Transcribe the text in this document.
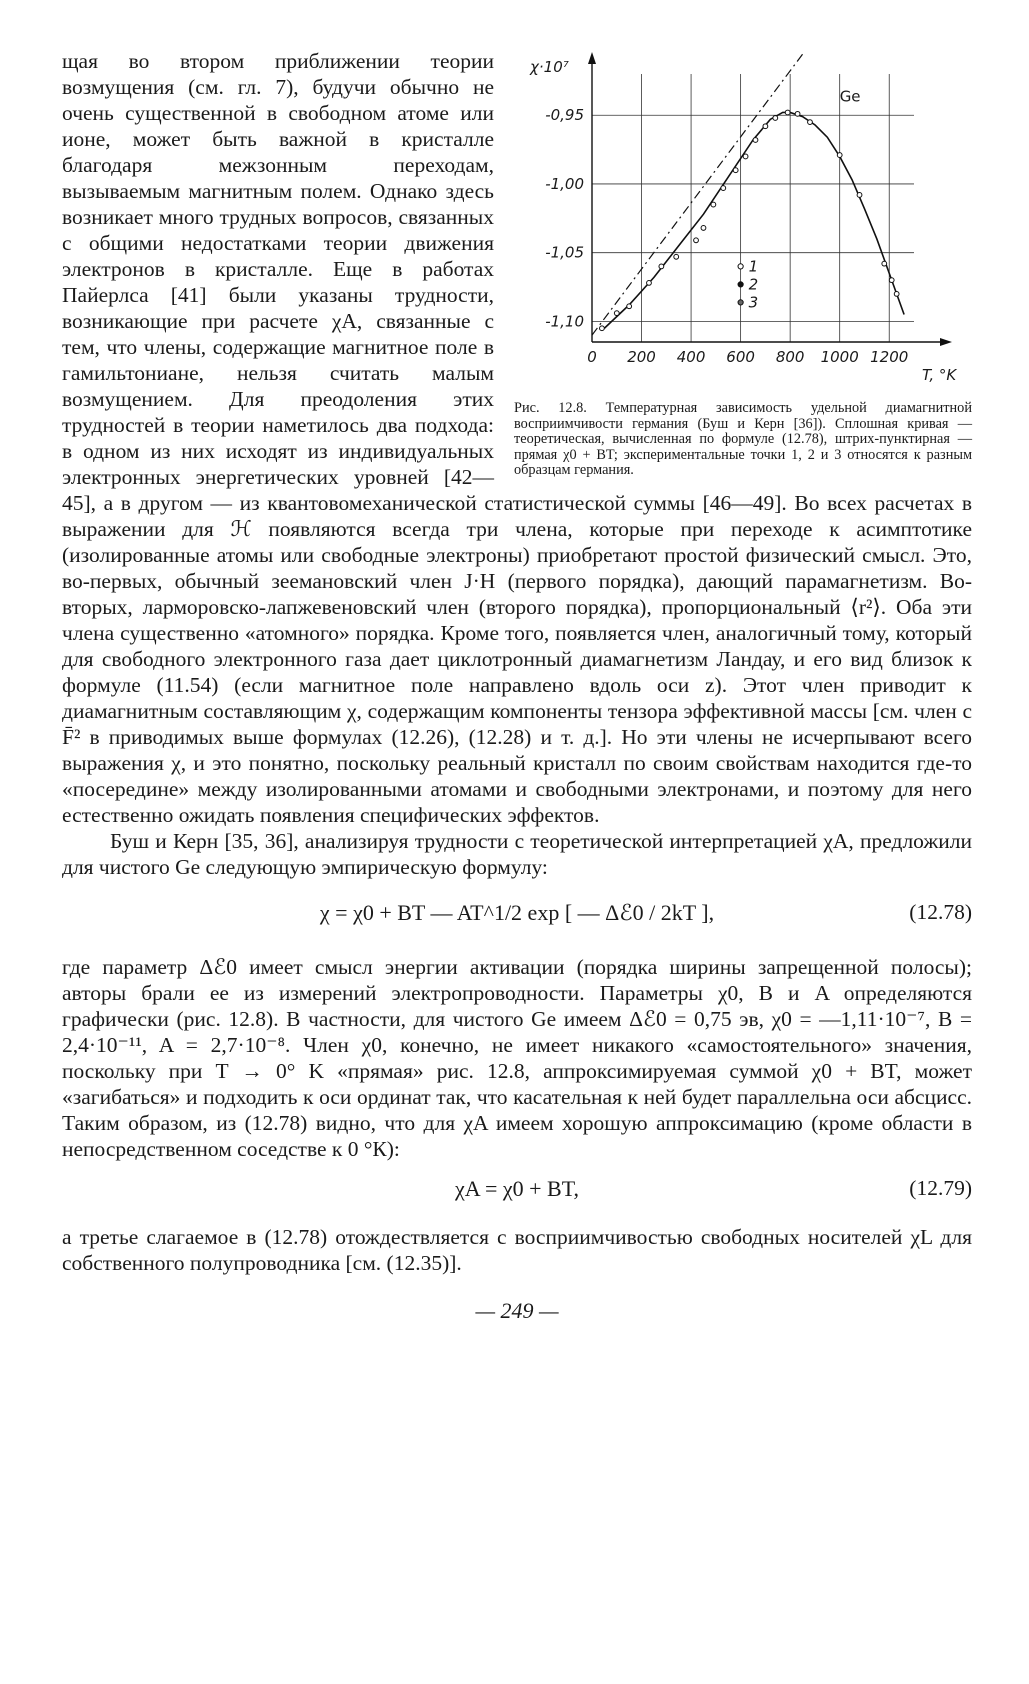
0 200 400 600 800 1000 1200
-0,95
-1,00
-1,05
-1,10
χ·10⁷
T, °K
Ge
1
2
3
Рис. 12.8. Температурная зависимость удельной диамагнитной восприимчивости германия (Буш и Керн [36]). Сплошная кривая — теоретическая, вычисленная по формуле (12.78), штрих-пунктирная — прямая χ0 + BT; экспериментальные точки 1, 2 и 3 относятся к разным образцам германия.

щая во втором приближении теории возмущения (см. гл. 7), будучи обычно не очень существенной в свободном атоме или ионе, может быть важной в кристалле благодаря межзонным переходам, вызываемым магнитным полем. Однако здесь возникает много трудных вопросов, связанных с общими недостатками теории движения электронов в кристалле. Еще в работах Пайерлса [41] были указаны трудности, возникающие при расчете χA, связанные с тем, что члены, содержащие магнитное поле в гамильтониане, нельзя считать малым возмущением. Для преодоления этих трудностей в теории наметилось два подхода: в одном из них исходят из индивидуальных электронных энергетических уровней [42—45], а в другом — из квантовомеханической статистической суммы [46—49]. Во всех расчетах в выражении для ℋ появляются всегда три члена, которые при переходе к асимптотике (изолированные атомы или свободные электроны) приобретают простой физический смысл. Это, во-первых, обычный зеемановский член J·H (первого порядка), дающий парамагнетизм. Во-вторых, ларморовско-лапжевеновский член (второго порядка), пропорциональный ⟨r²⟩. Оба эти члена существенно «атомного» порядка. Кроме того, появляется член, аналогичный тому, который для свободного электронного газа дает циклотронный диамагнетизм Ландау, и его вид близок к формуле (11.54) (если магнитное поле направлено вдоль оси z). Этот член приводит к диамагнитным составляющим χ, содержащим компоненты тензора эффективной массы [см. член с F̄² в приводимых выше формулах (12.26), (12.28) и т. д.]. Но эти члены не исчерпывают всего выражения χ, и это понятно, поскольку реальный кристалл по своим свойствам находится где-то «посередине» между изолированными атомами и свободными электронами, и поэтому для него естественно ожидать появления специфических эффектов.

Буш и Керн [35, 36], анализируя трудности с теоретической интерпретацией χA, предложили для чистого Ge следующую эмпирическую формулу:

χ = χ0 + BT — AT^1/2 exp [ — Δℰ0 / 2kT ],	(12.78)

где параметр Δℰ0 имеет смысл энергии активации (порядка ширины запрещенной полосы); авторы брали ее из измерений электропроводности. Параметры χ0, B и A определяются графически (рис. 12.8). В частности, для чистого Ge имеем Δℰ0 = 0,75 эв, χ0 = —1,11·10⁻⁷, B = 2,4·10⁻¹¹, A = 2,7·10⁻⁸. Член χ0, конечно, не имеет никакого «самостоятельного» значения, поскольку при T → 0° K «прямая» рис. 12.8, аппроксимируемая суммой χ0 + BT, может «загибаться» и подходить к оси ординат так, что касательная к ней будет параллельна оси абсцисс. Таким образом, из (12.78) видно, что для χA имеем хорошую аппроксимацию (кроме области в непосредственном соседстве к 0 °К):

χA = χ0 + BT,	(12.79)

а третье слагаемое в (12.78) отождествляется с восприимчивостью свободных носителей χL для собственного полупроводника [см. (12.35)].

— 249 —
